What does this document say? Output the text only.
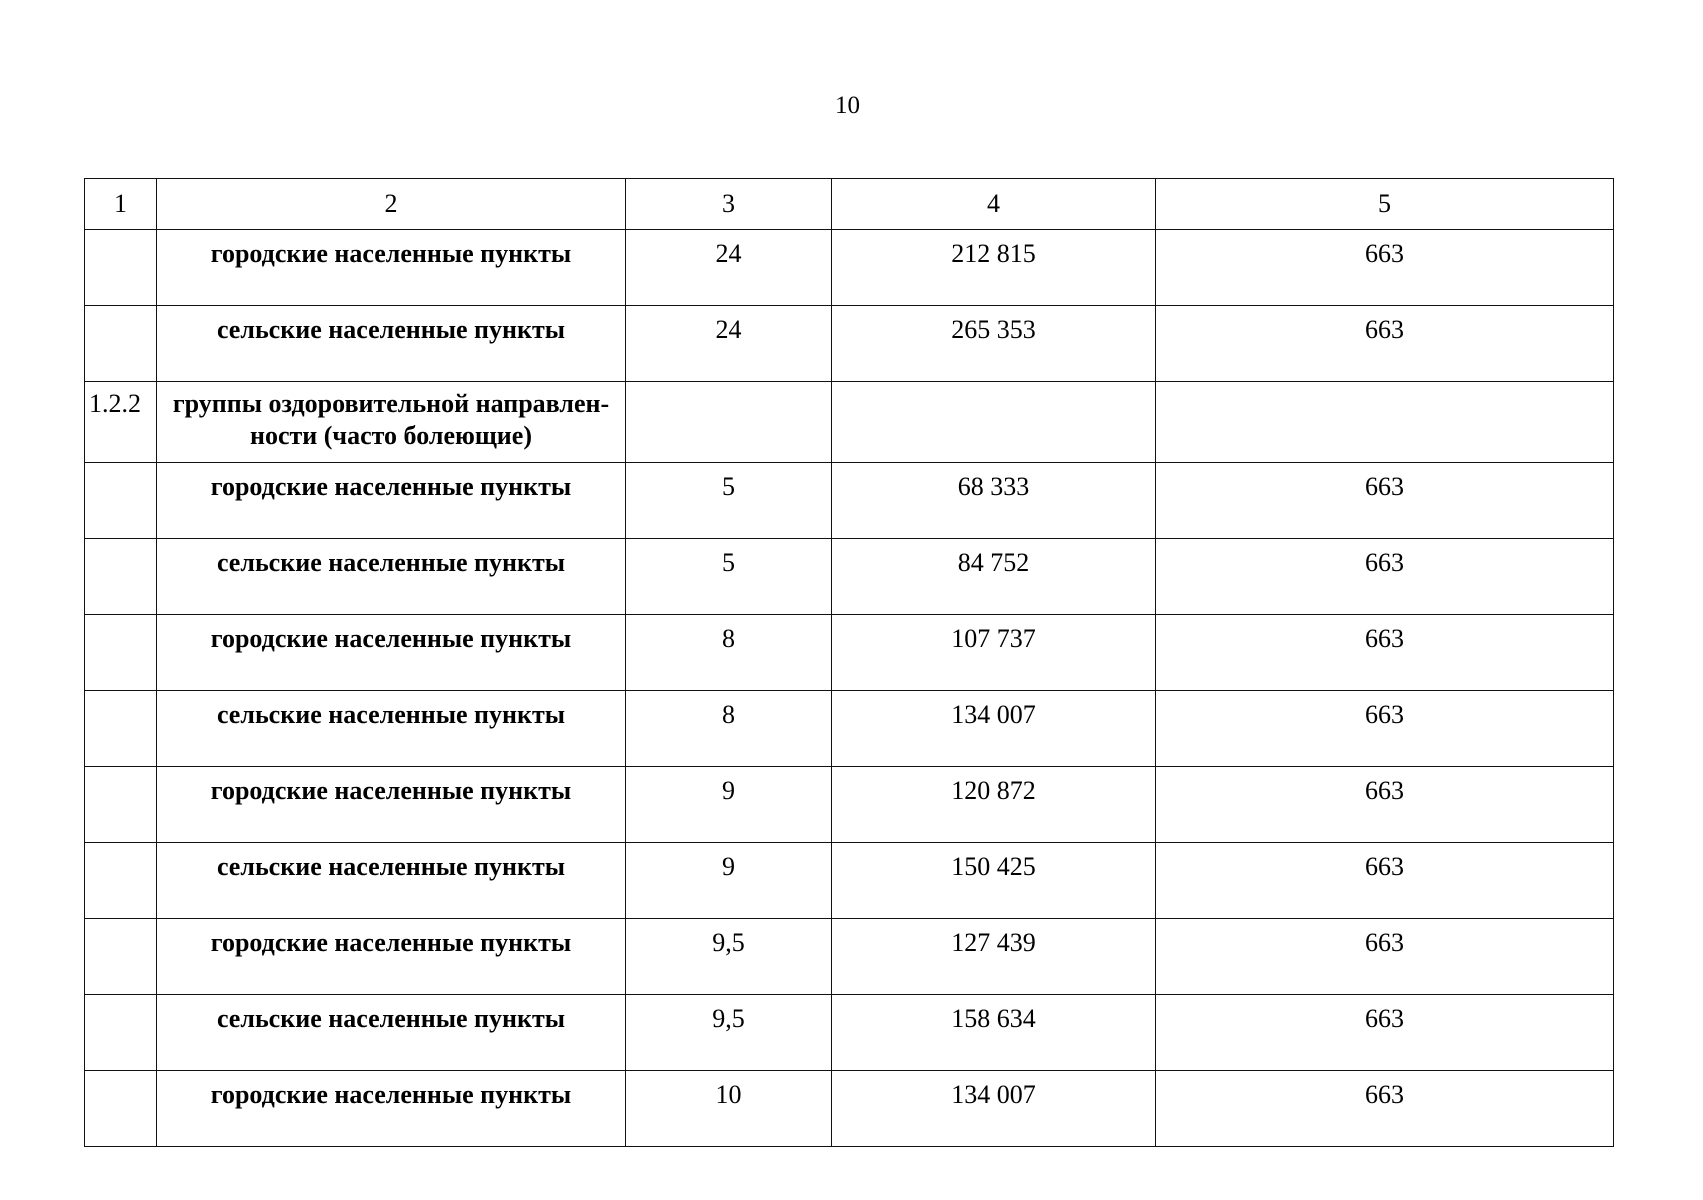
10
1	2	3	4	5
	городские населенные пункты	24	212 815	663
	сельские населенные пункты	24	265 353	663
1.2.2	группы оздоровительной направлен-ности (часто болеющие)			
	городские населенные пункты	5	68 333	663
	сельские населенные пункты	5	84 752	663
	городские населенные пункты	8	107 737	663
	сельские населенные пункты	8	134 007	663
	городские населенные пункты	9	120 872	663
	сельские населенные пункты	9	150 425	663
	городские населенные пункты	9,5	127 439	663
	сельские населенные пункты	9,5	158 634	663
	городские населенные пункты	10	134 007	663
